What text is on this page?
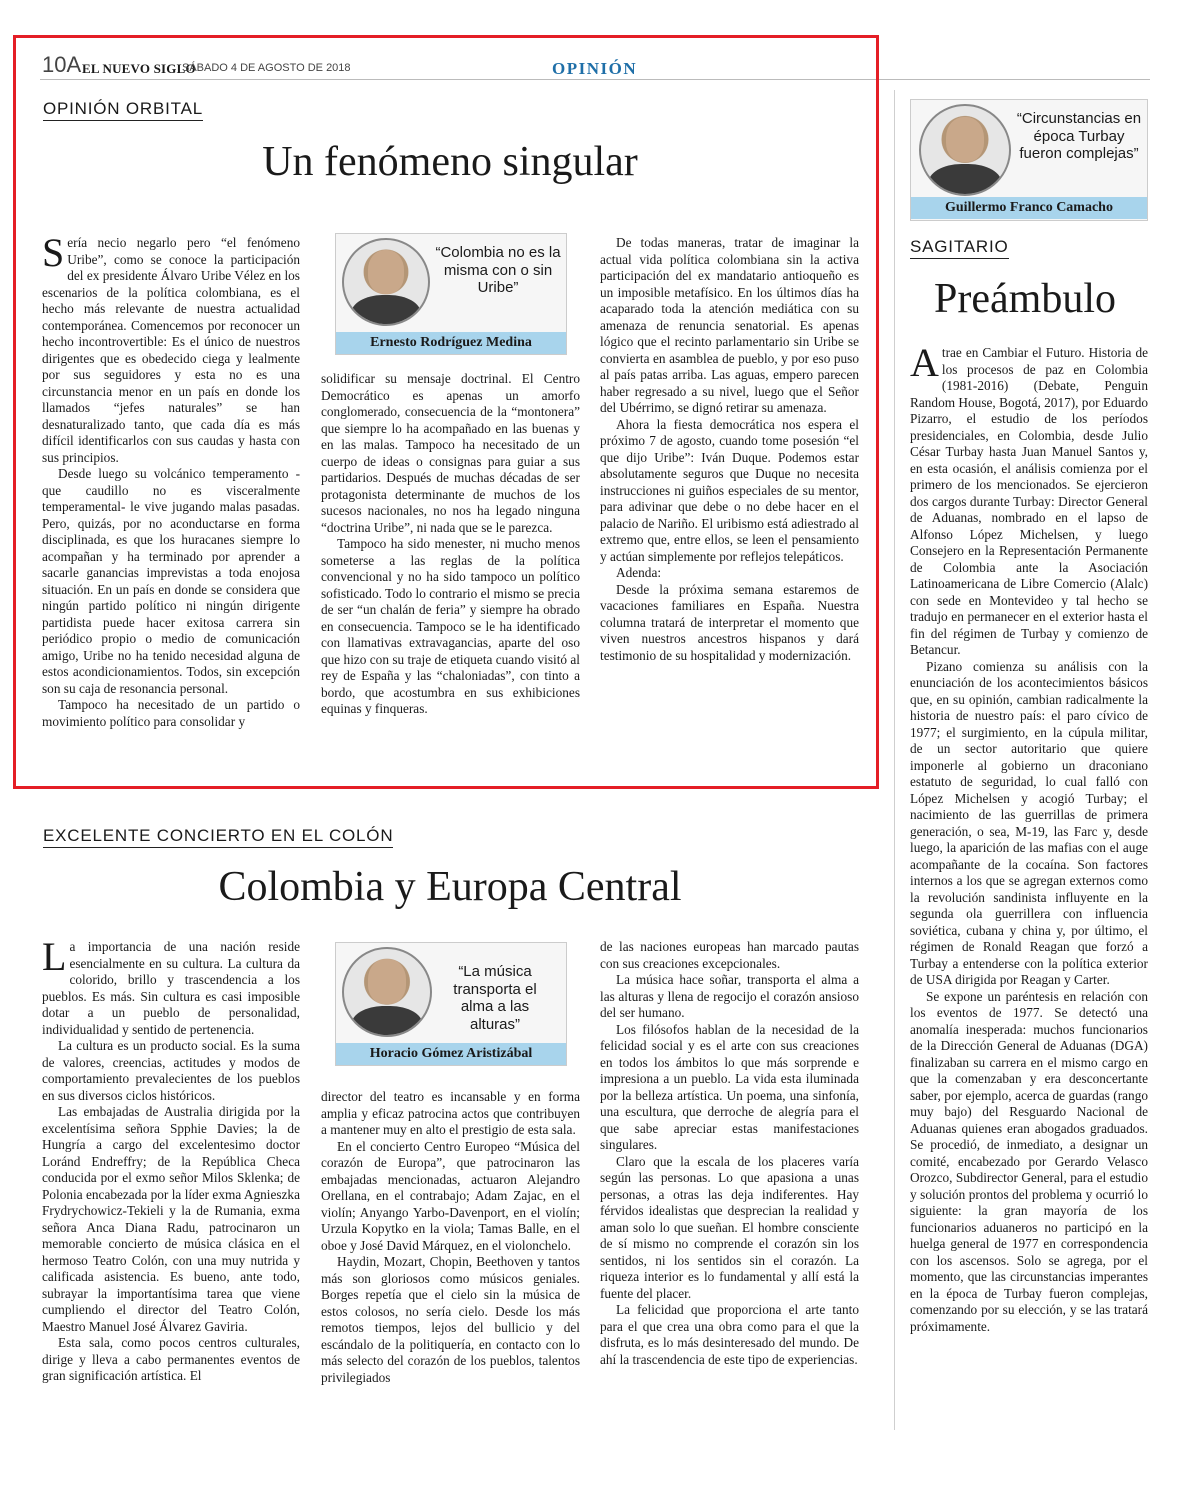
10A EL NUEVO SIGLO
SÁBADO 4 DE AGOSTO DE 2018	OPINIÓN
OPINIÓN ORBITAL
Un fenómeno singular

Sería necio negarlo pero “el fenómeno Uribe”, como se conoce la participación del ex presidente Álvaro Uribe Vélez en los escenarios de la política colombiana, es el hecho más relevante de nuestra actualidad contemporánea. Comencemos por reconocer un hecho incontrovertible: Es el único de nuestros dirigentes que es obedecido ciega y lealmente por sus seguidores y esta no es una circunstancia menor en un país en donde los llamados “jefes naturales” se han desnaturalizado tanto, que cada día es más difícil identificarlos con sus caudas y hasta con sus principios.

Desde luego su volcánico temperamento -que caudillo no es visceralmente temperamental- le vive jugando malas pasadas. Pero, quizás, por no aconductarse en forma disciplinada, es que los huracanes siempre lo acompañan y ha terminado por aprender a sacarle ganancias imprevistas a toda enojosa situación. En un país en donde se considera que ningún partido político ni ningún dirigente partidista puede hacer exitosa carrera sin periódico propio o medio de comunicación amigo, Uribe no ha tenido necesidad alguna de estos acondicionamientos. Todos, sin excepción son su caja de resonancia personal.

Tampoco ha necesitado de un partido o movimiento político para consolidar y

“Colombia no es la misma con o sin Uribe”
Ernesto Rodríguez Medina

solidificar su mensaje doctrinal. El Centro Democrático es apenas un amorfo conglomerado, consecuencia de la “montonera” que siempre lo ha acompañado en las buenas y en las malas. Tampoco ha necesitado de un cuerpo de ideas o consignas para guiar a sus partidarios. Después de muchas décadas de ser protagonista determinante de muchos de los sucesos nacionales, no nos ha legado ninguna “doctrina Uribe”, ni nada que se le parezca.

Tampoco ha sido menester, ni mucho menos someterse a las reglas de la política convencional y no ha sido tampoco un político sofisticado. Todo lo contrario el mismo se precia de ser “un chalán de feria” y siempre ha obrado en consecuencia. Tampoco se le ha identificado con llamativas extravagancias, aparte del oso que hizo con su traje de etiqueta cuando visitó al rey de España y las “chaloniadas”, con tinto a bordo, que acostumbra en sus exhibiciones equinas y finqueras.

De todas maneras, tratar de imaginar la actual vida política colombiana sin la activa participación del ex mandatario antioqueño es un imposible metafísico. En los últimos días ha acaparado toda la atención mediática con su amenaza de renuncia senatorial. Es apenas lógico que el recinto parlamentario sin Uribe se convierta en asamblea de pueblo, y por eso puso al país patas arriba. Las aguas, empero parecen haber regresado a su nivel, luego que el Señor del Ubérrimo, se dignó retirar su amenaza.

Ahora la fiesta democrática nos espera el próximo 7 de agosto, cuando tome posesión “el que dijo Uribe”: Iván Duque. Podemos estar absolutamente seguros que Duque no necesita instrucciones ni guiños especiales de su mentor, para adivinar que debe o no debe hacer en el palacio de Nariño. El uribismo está adiestrado al extremo que, entre ellos, se leen el pensamiento y actúan simplemente por reflejos telepáticos.

Adenda:

Desde la próxima semana estaremos de vacaciones familiares en España. Nuestra columna tratará de interpretar el momento que viven nuestros ancestros hispanos y dará testimonio de su hospitalidad y modernización.

EXCELENTE CONCIERTO EN EL COLÓN
Colombia y Europa Central

La importancia de una nación reside esencialmente en su cultura. La cultura da colorido, brillo y trascendencia a los pueblos. Es más. Sin cultura es casi imposible dotar a un pueblo de personalidad, individualidad y sentido de pertenencia.

La cultura es un producto social. Es la suma de valores, creencias, actitudes y modos de comportamiento prevalecientes de los pueblos en sus diversos ciclos históricos.

Las embajadas de Australia dirigida por la excelentísima señora Spphie Davies; la de Hungría a cargo del excelentesimo doctor Loránd Endreffry; de la República Checa conducida por el exmo señor Milos Sklenka; de Polonia encabezada por la líder exma Agnieszka Frydrychowicz-Tekieli y la de Rumania, exma señora Anca Diana Radu, patrocinaron un memorable concierto de música clásica en el hermoso Teatro Colón, con una muy nutrida y calificada asistencia. Es bueno, ante todo, subrayar la importantísima tarea que viene cumpliendo el director del Teatro Colón, Maestro Manuel José Álvarez Gaviria.

Esta sala, como pocos centros culturales, dirige y lleva a cabo permanentes eventos de gran significación artística. El

“La música transporta el alma a las alturas”
Horacio Gómez Aristizábal

director del teatro es incansable y en forma amplia y eficaz patrocina actos que contribuyen a mantener muy en alto el prestigio de esta sala.

En el concierto Centro Europeo “Música del corazón de Europa”, que patrocinaron las embajadas mencionadas, actuaron Alejandro Orellana, en el contrabajo; Adam Zajac, en el violín; Anyango Yarbo-Davenport, en el violín; Urzula Kopytko en la viola; Tamas Balle, en el oboe y José David Márquez, en el violonchelo.

Haydin, Mozart, Chopin, Beethoven y tantos más son gloriosos como músicos geniales. Borges repetía que el cielo sin la música de estos colosos, no sería cielo. Desde los más remotos tiempos, lejos del bullicio y del escándalo de la politiquería, en contacto con lo más selecto del corazón de los pueblos, talentos privilegiados

de las naciones europeas han marcado pautas con sus creaciones excepcionales.

La música hace soñar, transporta el alma a las alturas y llena de regocijo el corazón ansioso del ser humano.

Los filósofos hablan de la necesidad de la felicidad social y es el arte con sus creaciones en todos los ámbitos lo que más sorprende e impresiona a un pueblo. La vida esta iluminada por la belleza artística. Un poema, una sinfonía, una escultura, que derroche de alegría para el que sabe apreciar estas manifestaciones singulares.

Claro que la escala de los placeres varía según las personas. Lo que apasiona a unas personas, a otras las deja indiferentes. Hay férvidos idealistas que desprecian la realidad y aman solo lo que sueñan. El hombre consciente de sí mismo no comprende el corazón sin los sentidos, ni los sentidos sin el corazón. La riqueza interior es lo fundamental y allí está la fuente del placer.

La felicidad que proporciona el arte tanto para el que crea una obra como para el que la disfruta, es lo más desinteresado del mundo. De ahí la trascendencia de este tipo de experiencias.

“Circunstancias en época Turbay fueron complejas”
Guillermo Franco Camacho
SAGITARIO
Preámbulo

Atrae en Cambiar el Futuro. Historia de los procesos de paz en Colombia (1981-2016) (Debate, Penguin Random House, Bogotá, 2017), por Eduardo Pizarro, el estudio de los períodos presidenciales, en Colombia, desde Julio César Turbay hasta Juan Manuel Santos y, en esta ocasión, el análisis comienza por el primero de los mencionados. Se ejercieron dos cargos durante Turbay: Director General de Aduanas, nombrado en el lapso de Alfonso López Michelsen, y luego Consejero en la Representación Permanente de Colombia ante la Asociación Latinoamericana de Libre Comercio (Alalc) con sede en Montevideo y tal hecho se tradujo en permanecer en el exterior hasta el fin del régimen de Turbay y comienzo de Betancur.

Pizano comienza su análisis con la enunciación de los acontecimientos básicos que, en su opinión, cambian radicalmente la historia de nuestro país: el paro cívico de 1977; el surgimiento, en la cúpula militar, de un sector autoritario que quiere imponerle al gobierno un draconiano estatuto de seguridad, lo cual falló con López Michelsen y acogió Turbay; el nacimiento de las guerrillas de primera generación, o sea, M-19, las Farc y, desde luego, la aparición de las mafias con el auge acompañante de la cocaína. Son factores internos a los que se agregan externos como la revolución sandinista influyente en la segunda ola guerrillera con influencia soviética, cubana y china y, por último, el régimen de Ronald Reagan que forzó a Turbay a entenderse con la política exterior de USA dirigida por Reagan y Carter.

Se expone un paréntesis en relación con los eventos de 1977. Se detectó una anomalía inesperada: muchos funcionarios de la Dirección General de Aduanas (DGA) finalizaban su carrera en el mismo cargo en que la comenzaban y era desconcertante saber, por ejemplo, acerca de guardas (rango muy bajo) del Resguardo Nacional de Aduanas quienes eran abogados graduados. Se procedió, de inmediato, a designar un comité, encabezado por Gerardo Velasco Orozco, Subdirector General, para el estudio y solución prontos del problema y ocurrió lo siguiente: la gran mayoría de los funcionarios aduaneros no participó en la huelga general de 1977 en correspondencia con los ascensos. Solo se agrega, por el momento, que las circunstancias imperantes en la época de Turbay fueron complejas, comenzando por su elección, y se las tratará próximamente.
